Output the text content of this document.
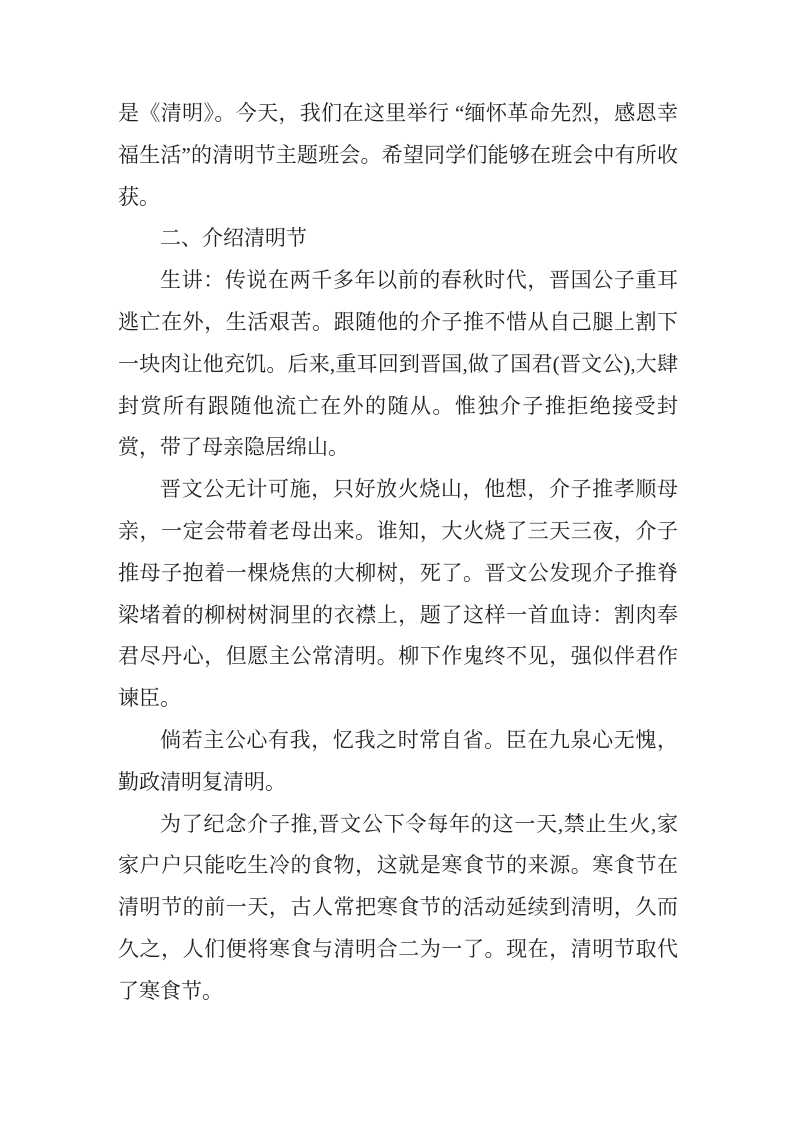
是《清明》。今天，我们在这里举行 “缅怀革命先烈，感恩幸福生活”的清明节主题班会。希望同学们能够在班会中有所收获。

二、介绍清明节

生讲：传说在两千多年以前的春秋时代，晋国公子重耳逃亡在外，生活艰苦。跟随他的介子推不惜从自己腿上割下一块肉让他充饥。后来,重耳回到晋国,做了国君(晋文公),大肆封赏所有跟随他流亡在外的随从。惟独介子推拒绝接受封赏，带了母亲隐居绵山。

晋文公无计可施，只好放火烧山，他想，介子推孝顺母亲，一定会带着老母出来。谁知，大火烧了三天三夜，介子推母子抱着一棵烧焦的大柳树，死了。晋文公发现介子推脊梁堵着的柳树树洞里的衣襟上，题了这样一首血诗：割肉奉君尽丹心，但愿主公常清明。柳下作鬼终不见，强似伴君作谏臣。

倘若主公心有我，忆我之时常自省。臣在九泉心无愧，勤政清明复清明。

为了纪念介子推,晋文公下令每年的这一天,禁止生火,家家户户只能吃生冷的食物，这就是寒食节的来源。寒食节在清明节的前一天，古人常把寒食节的活动延续到清明，久而久之，人们便将寒食与清明合二为一了。现在，清明节取代了寒食节。
